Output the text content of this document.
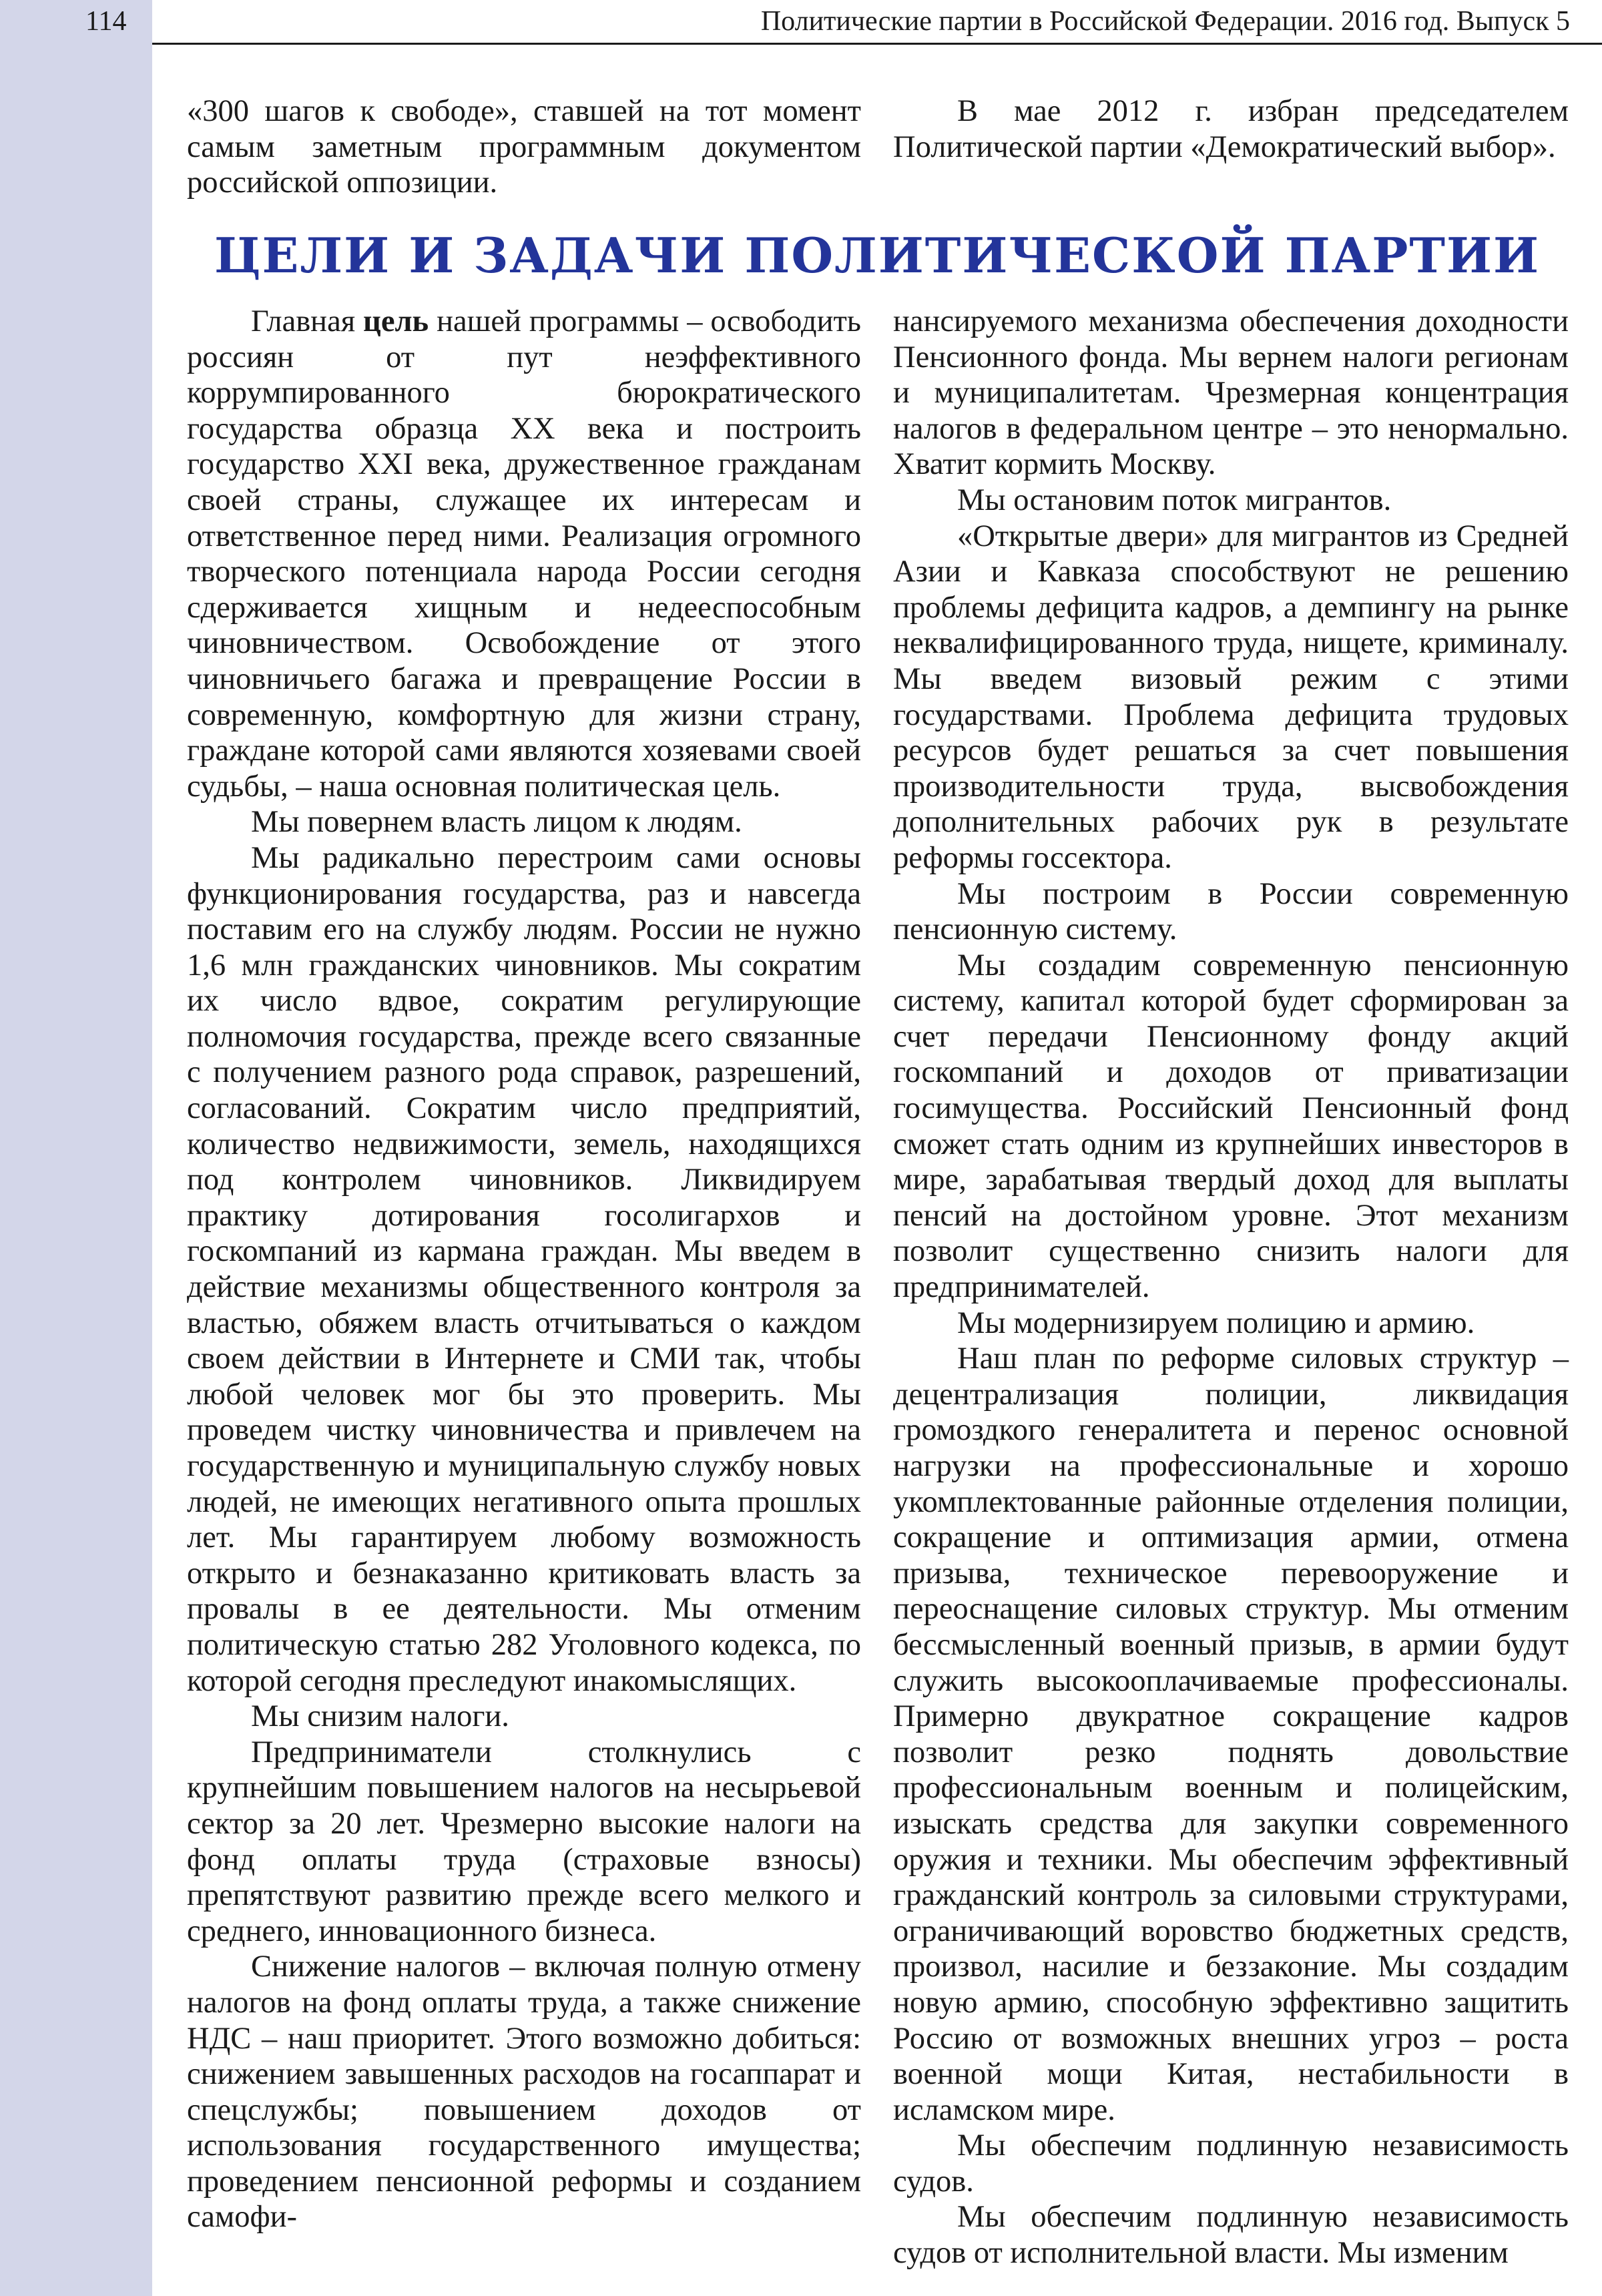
114	Политические партии в Российской Федерации. 2016 год. Выпуск 5

«300 шагов к свободе», ставшей на тот момент самым заметным программным документом российской оппозиции.

В мае 2012 г. избран председателем Политической партии «Демократический выбор».

ЦЕЛИ И ЗАДАЧИ ПОЛИТИЧЕСКОЙ ПАРТИИ

Главная цель нашей программы – освободить россиян от пут неэффективного коррумпированного бюрократического государства образца XX века и построить государство XXI века, дружественное гражданам своей страны, служащее их интересам и ответственное перед ними. Реализация огромного творческого потенциала народа России сегодня сдерживается хищным и недееспособным чиновничеством. Освобождение от этого чиновничьего багажа и превращение России в современную, комфортную для жизни страну, граждане которой сами являются хозяевами своей судьбы, – наша основная политическая цель.

Мы повернем власть лицом к людям.

Мы радикально перестроим сами основы функционирования государства, раз и навсегда поставим его на службу людям. России не нужно 1,6 млн гражданских чиновников. Мы сократим их число вдвое, сократим регулирующие полномочия государства, прежде всего связанные с получением разного рода справок, разрешений, согласований. Сократим число предприятий, количество недвижимости, земель, находящихся под контролем чиновников. Ликвидируем практику дотирования госолигархов и госкомпаний из кармана граждан. Мы введем в действие механизмы общественного контроля за властью, обяжем власть отчитываться о каждом своем действии в Интернете и СМИ так, чтобы любой человек мог бы это проверить. Мы проведем чистку чиновничества и привлечем на государственную и муниципальную службу новых людей, не имеющих негативного опыта прошлых лет. Мы гарантируем любому возможность открыто и безнаказанно критиковать власть за провалы в ее деятельности. Мы отменим политическую статью 282 Уголовного кодекса, по которой сегодня преследуют инакомыслящих.

Мы снизим налоги.

Предприниматели столкнулись с крупнейшим повышением налогов на несырьевой сектор за 20 лет. Чрезмерно высокие налоги на фонд оплаты труда (страховые взносы) препятствуют развитию прежде всего мелкого и среднего, инновационного бизнеса.

Снижение налогов – включая полную отмену налогов на фонд оплаты труда, а также снижение НДС – наш приоритет. Этого возможно добиться: снижением завышенных расходов на госаппарат и спецслужбы; повышением доходов от использования государственного имущества; проведением пенсионной реформы и созданием самофи-

нансируемого механизма обеспечения доходности Пенсионного фонда. Мы вернем налоги регионам и муниципалитетам. Чрезмерная концентрация налогов в федеральном центре – это ненормально. Хватит кормить Москву.

Мы остановим поток мигрантов.

«Открытые двери» для мигрантов из Средней Азии и Кавказа способствуют не решению проблемы дефицита кадров, а демпингу на рынке неквалифицированного труда, нищете, криминалу. Мы введем визовый режим с этими государствами. Проблема дефицита трудовых ресурсов будет решаться за счет повышения производительности труда, высвобождения дополнительных рабочих рук в результате реформы госсектора.

Мы построим в России современную пенсионную систему.

Мы создадим современную пенсионную систему, капитал которой будет сформирован за счет передачи Пенсионному фонду акций госкомпаний и доходов от приватизации госимущества. Российский Пенсионный фонд сможет стать одним из крупнейших инвесторов в мире, зарабатывая твердый доход для выплаты пенсий на достойном уровне. Этот механизм позволит существенно снизить налоги для предпринимателей.

Мы модернизируем полицию и армию.

Наш план по реформе силовых структур – децентрализация полиции, ликвидация громоздкого генералитета и перенос основной нагрузки на профессиональные и хорошо укомплектованные районные отделения полиции, сокращение и оптимизация армии, отмена призыва, техническое перевооружение и переоснащение силовых структур. Мы отменим бессмысленный военный призыв, в армии будут служить высокооплачиваемые профессионалы. Примерно двукратное сокращение кадров позволит резко поднять довольствие профессиональным военным и полицейским, изыскать средства для закупки современного оружия и техники. Мы обеспечим эффективный гражданский контроль за силовыми структурами, ограничивающий воровство бюджетных средств, произвол, насилие и беззаконие. Мы создадим новую армию, способную эффективно защитить Россию от возможных внешних угроз – роста военной мощи Китая, нестабильности в исламском мире.

Мы обеспечим подлинную независимость судов.

Мы обеспечим подлинную независимость судов от исполнительной власти. Мы изменим
